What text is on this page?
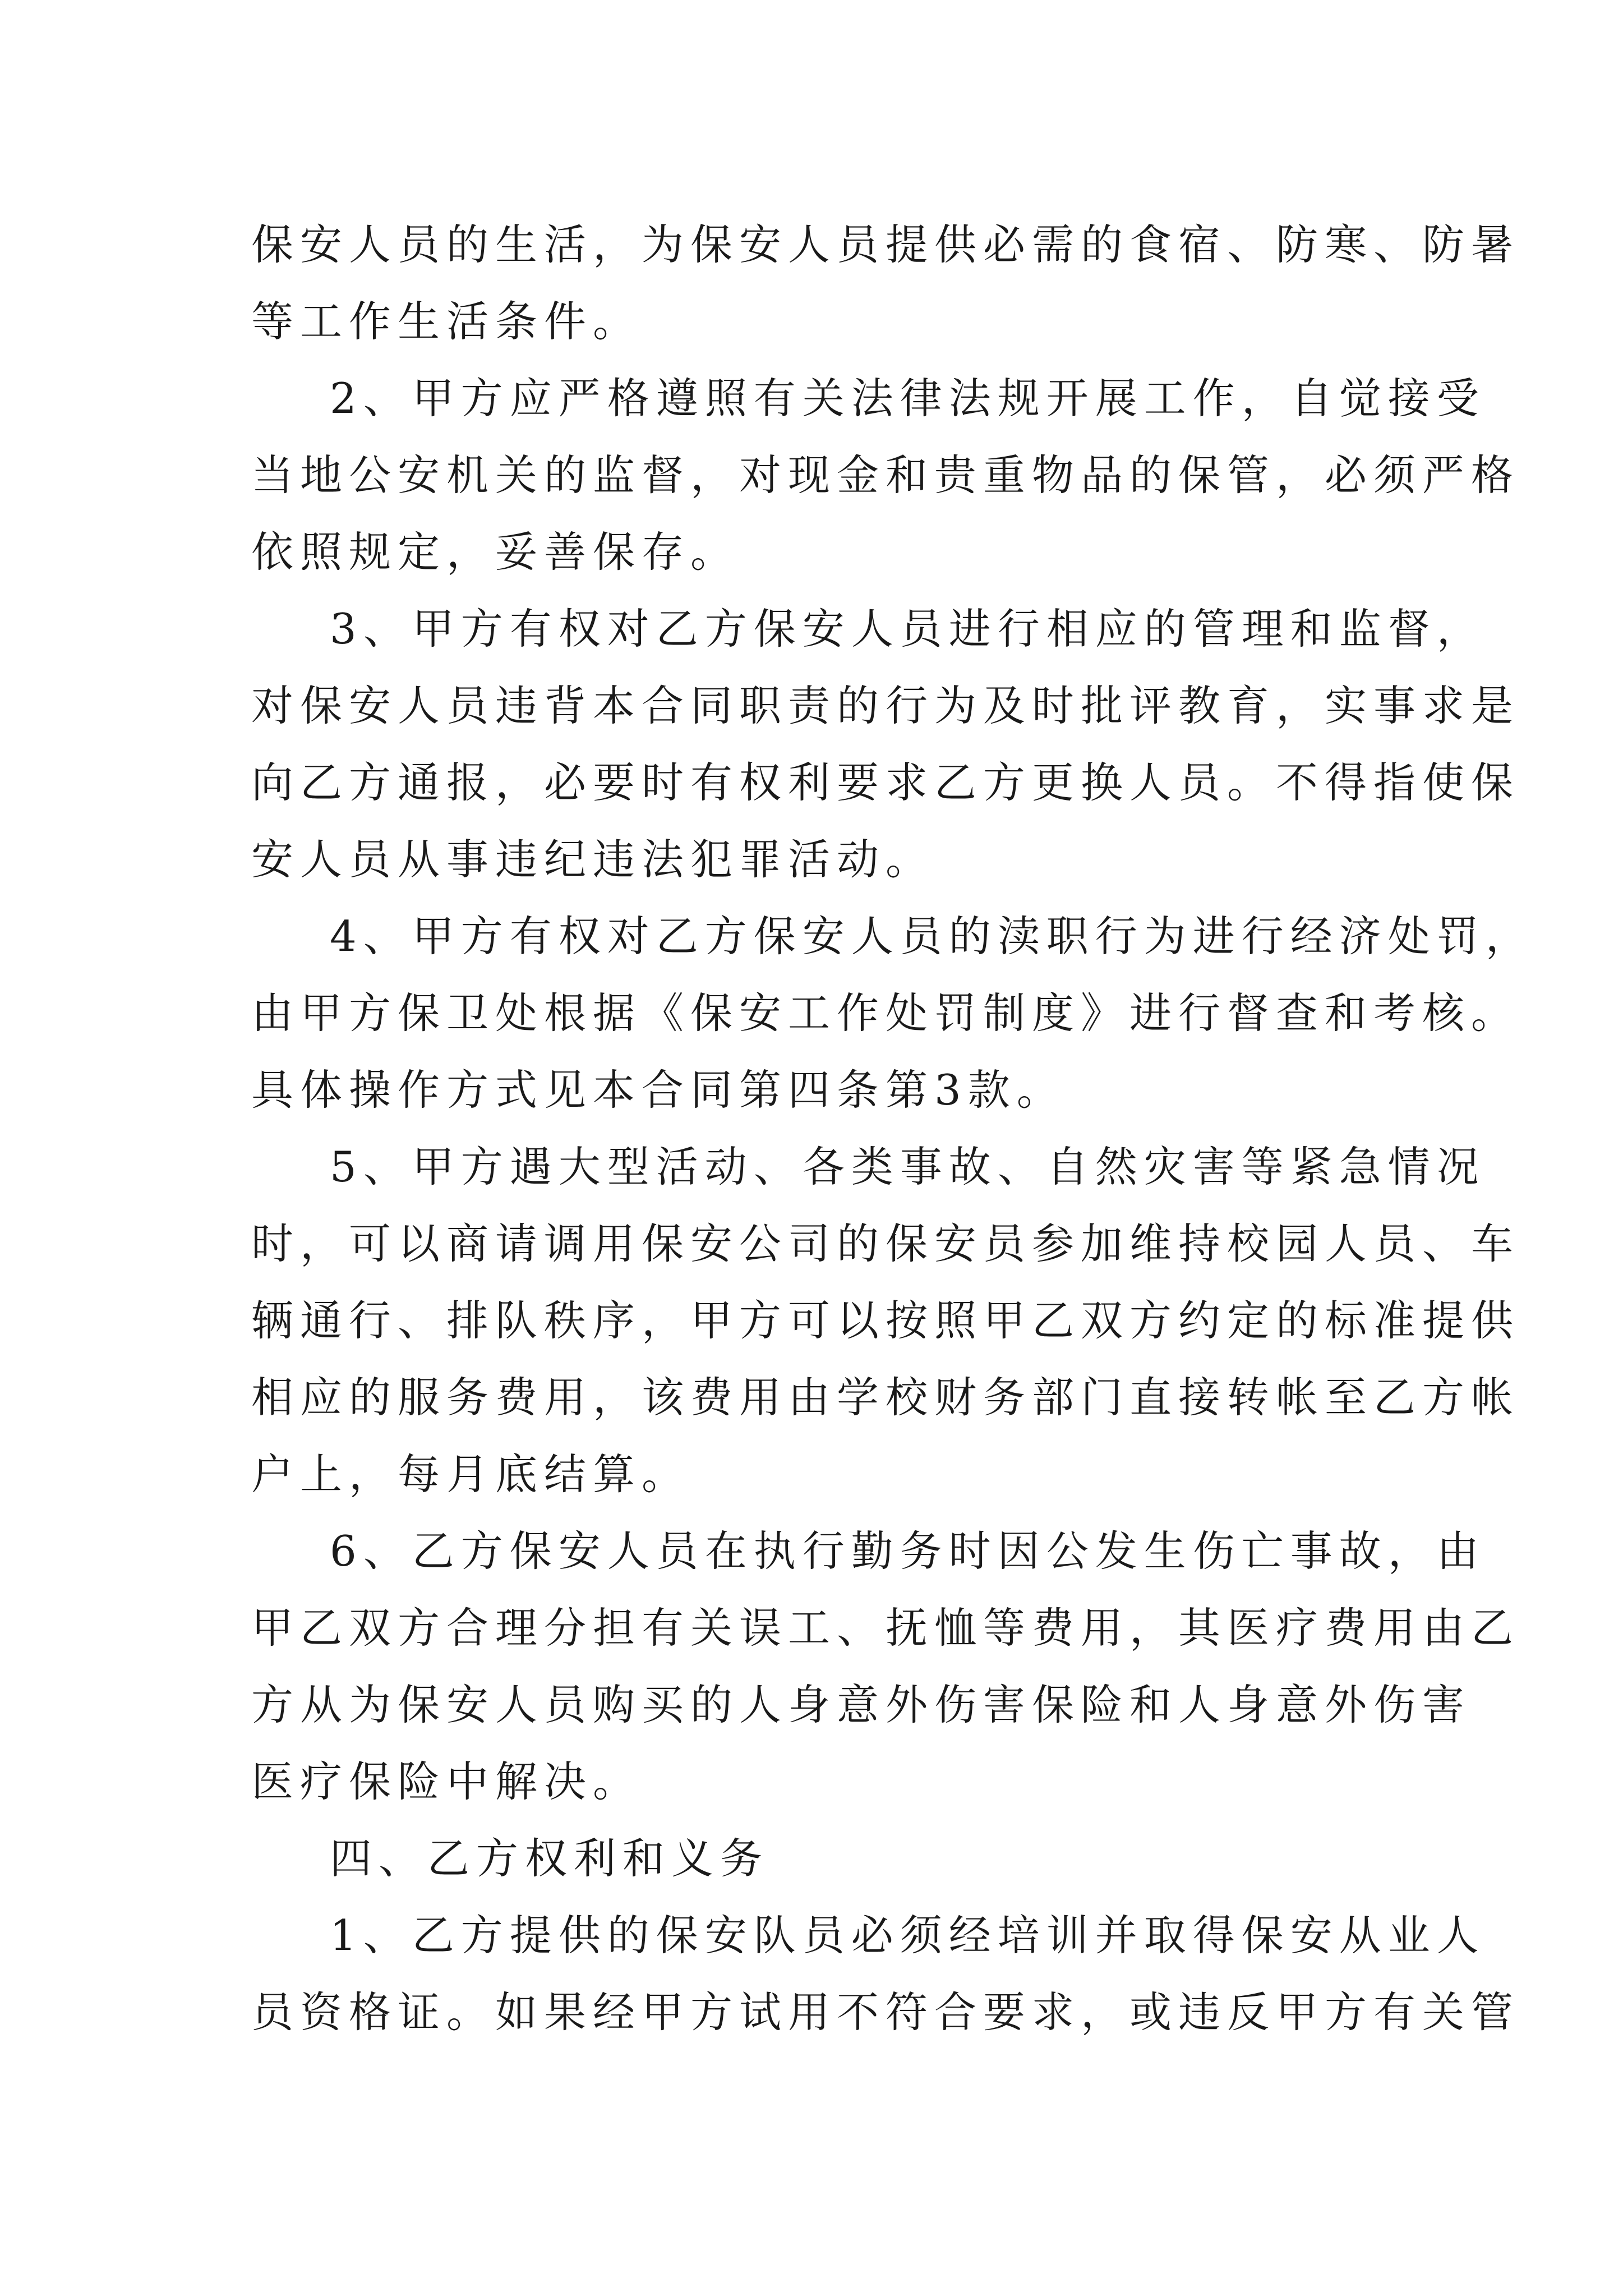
保安人员的生活，为保安人员提供必需的食宿、防寒、防暑
等工作生活条件。
2、甲方应严格遵照有关法律法规开展工作，自觉接受
当地公安机关的监督，对现金和贵重物品的保管，必须严格
依照规定，妥善保存。
3、甲方有权对乙方保安人员进行相应的管理和监督，
对保安人员违背本合同职责的行为及时批评教育，实事求是
向乙方通报，必要时有权利要求乙方更换人员。不得指使保
安人员从事违纪违法犯罪活动。
4、甲方有权对乙方保安人员的渎职行为进行经济处罚，
由甲方保卫处根据《保安工作处罚制度》进行督查和考核。
具体操作方式见本合同第四条第3款。
5、甲方遇大型活动、各类事故、自然灾害等紧急情况
时，可以商请调用保安公司的保安员参加维持校园人员、车
辆通行、排队秩序，甲方可以按照甲乙双方约定的标准提供
相应的服务费用，该费用由学校财务部门直接转帐至乙方帐
户上，每月底结算。
6、乙方保安人员在执行勤务时因公发生伤亡事故，由
甲乙双方合理分担有关误工、抚恤等费用，其医疗费用由乙
方从为保安人员购买的人身意外伤害保险和人身意外伤害
医疗保险中解决。
四、乙方权利和义务
1、乙方提供的保安队员必须经培训并取得保安从业人
员资格证。如果经甲方试用不符合要求，或违反甲方有关管
